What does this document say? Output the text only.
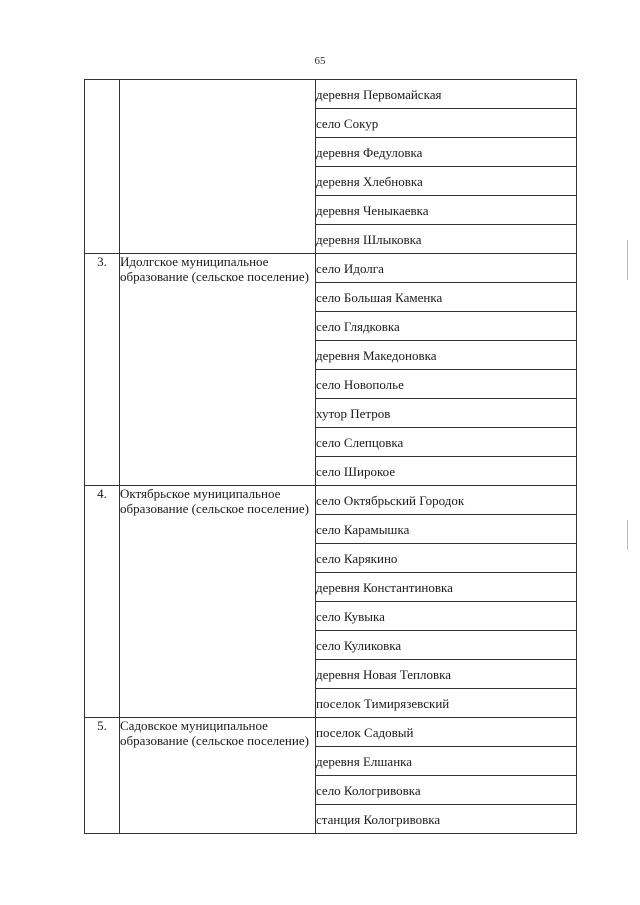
65
		деревня Первомайская
		село Сокур
		деревня Федуловка
		деревня Хлебновка
		деревня Ченыкаевка
		деревня Шлыковка
3.	Идолгское муниципальное образование (сельское поселение)	село Идолга
		село Большая Каменка
		село Глядковка
		деревня Македоновка
		село Новополье
		хутор Петров
		село Слепцовка
		село Широкое
4.	Октябрьское муниципальное образование (сельское поселение)	село Октябрьский Городок
		село Карамышка
		село Карякино
		деревня Константиновка
		село Кувыка
		село Куликовка
		деревня Новая Тепловка
		поселок Тимирязевский
5.	Садовское муниципальное образование (сельское поселение)	поселок Садовый
		деревня Елшанка
		село Кологривовка
		станция Кологривовка
